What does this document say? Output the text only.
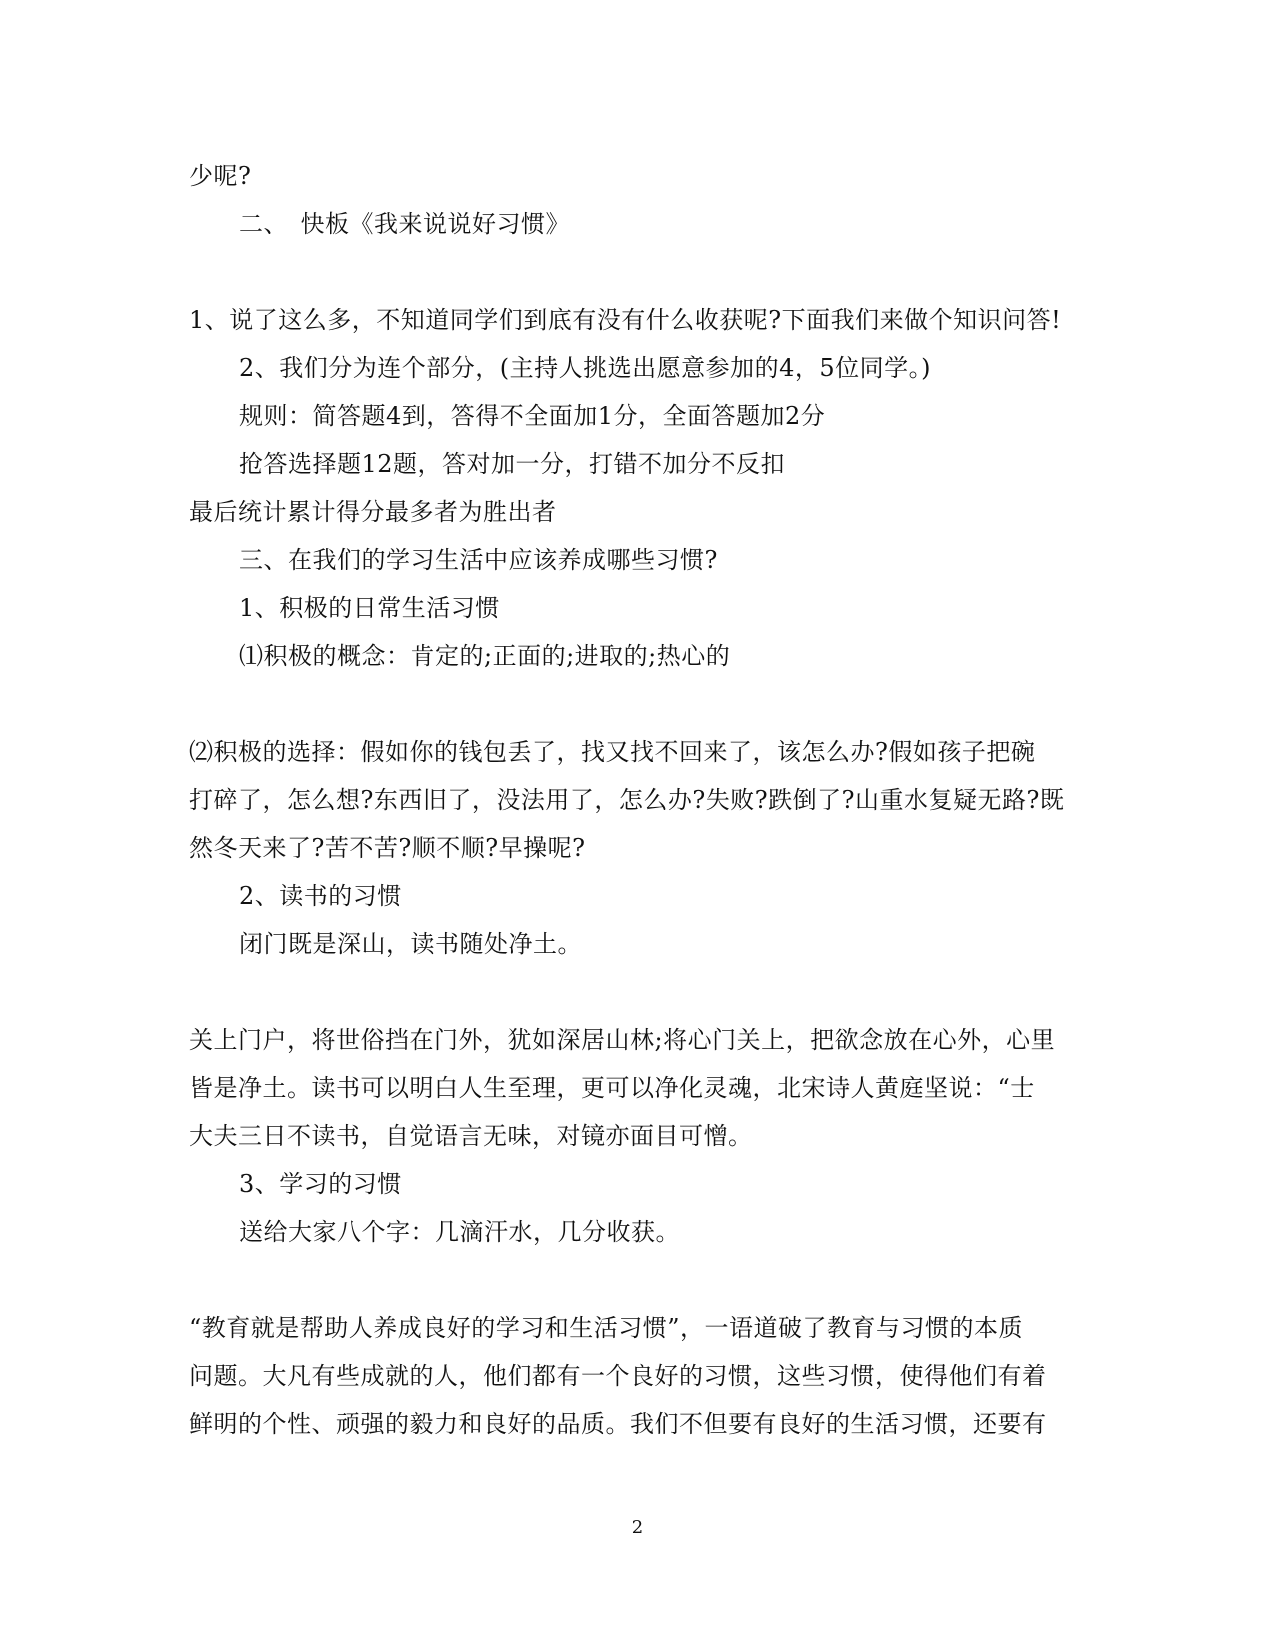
少呢?
二、　快板《我来说说好习惯》
1、说了这么多，不知道同学们到底有没有什么收获呢?下面我们来做个知识问答!
2、我们分为连个部分，(主持人挑选出愿意参加的4，5位同学。)
规则：简答题4到，答得不全面加1分，全面答题加2分
抢答选择题12题，答对加一分，打错不加分不反扣
最后统计累计得分最多者为胜出者
三、在我们的学习生活中应该养成哪些习惯?
1、积极的日常生活习惯
⑴积极的概念：肯定的;正面的;进取的;热心的
⑵积极的选择：假如你的钱包丢了，找又找不回来了，该怎么办?假如孩子把碗
打碎了，怎么想?东西旧了，没法用了，怎么办?失败?跌倒了?山重水复疑无路?既
然冬天来了?苦不苦?顺不顺?早操呢?
2、读书的习惯
闭门既是深山，读书随处净土。
关上门户，将世俗挡在门外，犹如深居山林;将心门关上，把欲念放在心外，心里
皆是净土。读书可以明白人生至理，更可以净化灵魂，北宋诗人黄庭坚说：“士
大夫三日不读书，自觉语言无味，对镜亦面目可憎。
3、学习的习惯
送给大家八个字：几滴汗水，几分收获。
“教育就是帮助人养成良好的学习和生活习惯”，一语道破了教育与习惯的本质
问题。大凡有些成就的人，他们都有一个良好的习惯，这些习惯，使得他们有着
鲜明的个性、顽强的毅力和良好的品质。我们不但要有良好的生活习惯，还要有
2
